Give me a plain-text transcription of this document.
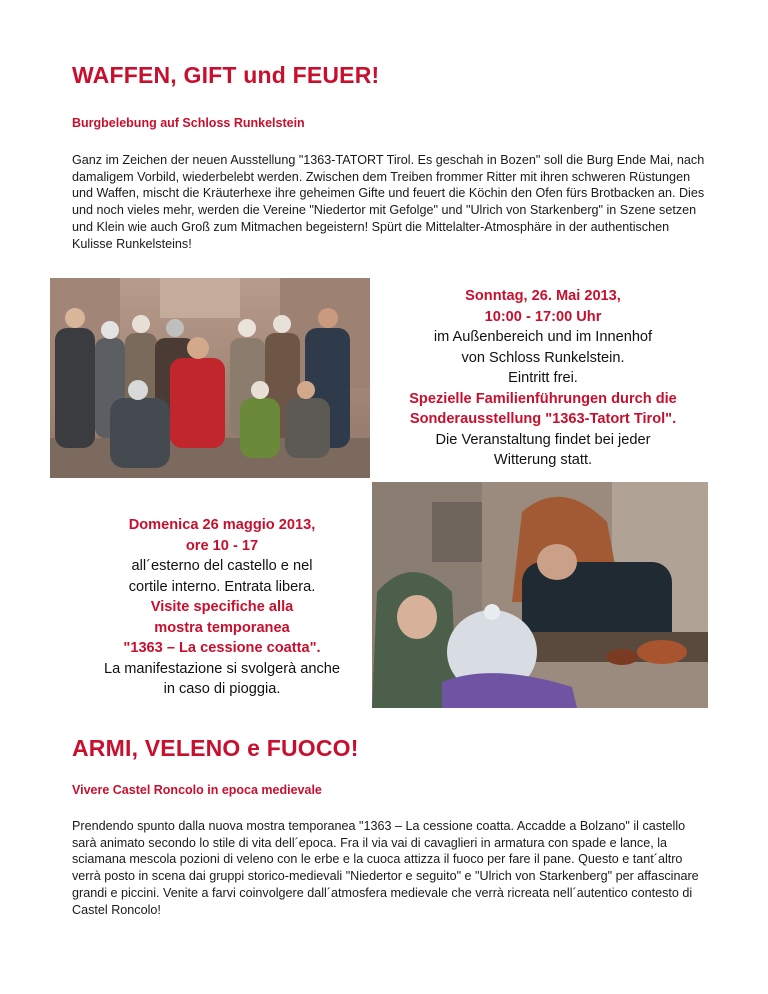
WAFFEN, GIFT und FEUER!

Burgbelebung auf Schloss Runkelstein

Ganz im Zeichen der neuen Ausstellung "1363-TATORT Tirol. Es geschah in Bozen" soll die Burg Ende Mai, nach damaligem Vorbild, wiederbelebt werden. Zwischen dem Treiben frommer Ritter mit ihren schweren Rüstungen und Waffen, mischt die Kräuterhexe ihre geheimen Gifte und feuert die Köchin den Ofen fürs Brotbacken an. Dies und noch vieles mehr, werden die Vereine "Niedertor mit Gefolge" und "Ulrich von Starkenberg" in Szene setzen und Klein wie auch Groß zum Mitmachen begeistern! Spürt die Mittelalter-Atmosphäre in der authentischen Kulisse Runkelsteins!

Sonntag, 26. Mai 2013,
10:00 - 17:00 Uhr
im Außenbereich und im Innenhof
von Schloss Runkelstein.
Eintritt frei.
Spezielle Familienführungen durch die
Sonderausstellung "1363-Tatort Tirol".
Die Veranstaltung findet bei jeder
Witterung statt.
Domenica 26 maggio 2013,
ore 10 - 17
all´esterno del castello e nel
cortile interno. Entrata libera.
Visite specifiche alla
mostra temporanea
"1363 – La cessione coatta".
La manifestazione si svolgerà anche
in caso di pioggia.
ARMI, VELENO e FUOCO!

Vivere Castel Roncolo in epoca medievale

Prendendo spunto dalla nuova mostra temporanea "1363 – La cessione coatta. Accadde a Bolzano" il castello sarà animato secondo lo stile di vita dell´epoca. Fra il via vai di cavaglieri in armatura con spade e lance, la sciamana mescola pozioni di veleno con le erbe e la cuoca attizza il fuoco per fare il pane. Questo e tant´altro verrà posto in scena dai gruppi storico-medievali "Niedertor e seguito" e "Ulrich von Starkenberg" per affascinare grandi e piccini. Venite a farvi coinvolgere dall´atmosfera medievale che verrà ricreata nell´autentico contesto di Castel Roncolo!
